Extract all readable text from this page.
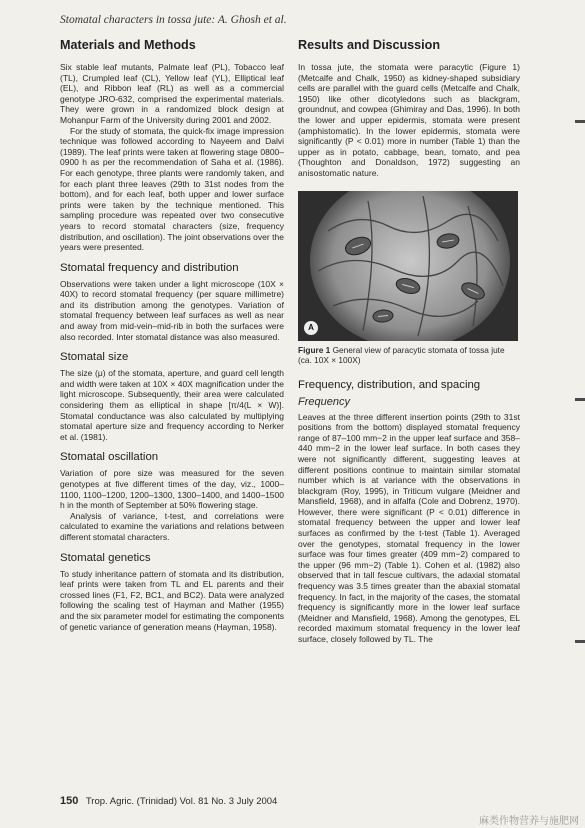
Stomatal characters in tossa jute: A. Ghosh et al.
Materials and Methods

Six stable leaf mutants, Palmate leaf (PL), Tobacco leaf (TL), Crumpled leaf (CL), Yellow leaf (YL), Elliptical leaf (EL), and Ribbon leaf (RL) as well as a commercial genotype JRO-632, comprised the experimental materials. They were grown in a randomized block design at Mohanpur Farm of the University during 2001 and 2002.

For the study of stomata, the quick-fix image impression technique was followed according to Nayeem and Dalvi (1989). The leaf prints were taken at flowering stage 0800–0900 h as per the recommendation of Saha et al. (1986). For each genotype, three plants were randomly taken, and for each plant three leaves (29th to 31st nodes from the bottom), and for each leaf, both upper and lower surface prints were taken by the technique mentioned. This sampling procedure was repeated over two consecutive years to record stomatal characters (size, frequency distribution, and oscillation). The joint observations over the years were presented.

Stomatal frequency and distribution

Observations were taken under a light microscope (10X × 40X) to record stomatal frequency (per square millimetre) and its distribution among the genotypes. Variation of stomatal frequency between leaf surfaces as well as near and away from mid-vein–mid-rib in both the surfaces were also recorded. Inter stomatal distance was also measured.

Stomatal size

The size (μ) of the stomata, aperture, and guard cell length and width were taken at 10X × 40X magnification under the light microscope. Subsequently, their area were calculated considering them as elliptical in shape [π/4(L × W)]. Stomatal conductance was also calculated by multiplying stomatal aperture size and frequency according to Nerker et al. (1981).

Stomatal oscillation

Variation of pore size was measured for the seven genotypes at five different times of the day, viz., 1000–1100, 1100–1200, 1200–1300, 1300–1400, and 1400–1500 h in the month of September at 50% flowering stage.

Analysis of variance, t-test, and correlations were calculated to examine the variations and relations between different stomatal characters.

Stomatal genetics

To study inheritance pattern of stomata and its distribution, leaf prints were taken from TL and EL parents and their crossed lines (F1, F2, BC1, and BC2). Data were analyzed following the scaling test of Hayman and Mather (1955) and the six parameter model for estimating the components of genetic variance of generation means (Hayman, 1958).

Results and Discussion

In tossa jute, the stomata were paracytic (Figure 1) (Metcalfe and Chalk, 1950) as kidney-shaped subsidiary cells are parallel with the guard cells (Metcalfe and Chalk, 1950) like other dicotyledons such as blackgram, groundnut, and cowpea (Ghimiray and Das, 1996). In both the lower and upper epidermis, stomata were present (amphistomatic). In the lower epidermis, stomata were significantly (P < 0.01) more in number (Table 1) than the upper as in potato, cabbage, bean, tomato, and pea (Thoughton and Donaldson, 1972) suggesting an anisostomatic nature.

A
Figure 1 General view of paracytic stomata of tossa jute (ca. 10X × 100X)
Frequency, distribution, and spacing
Frequency

Leaves at the three different insertion points (29th to 31st positions from the bottom) displayed stomatal frequency range of 87–100 mm−2 in the upper leaf surface and 358–440 mm−2 in the lower leaf surface. In both cases they were not significantly different, suggesting leaves at different positions continue to maintain similar stomatal number which is at variance with the observations in blackgram (Roy, 1995), in Triticum vulgare (Meidner and Mansfield, 1968), and in alfalfa (Cole and Dobrenz, 1970). However, there were significant (P < 0.01) difference in stomatal frequency between the upper and lower leaf surfaces as confirmed by the t-test (Table 1). Averaged over the genotypes, stomatal frequency in the lower surface was four times greater (409 mm−2) compared to the upper (96 mm−2) (Table 1). Cohen et al. (1982) also observed that in tall fescue cultivars, the adaxial stomatal frequency was 3.5 times greater than the abaxial stomatal frequency. In fact, in the majority of the cases, the stomatal frequency is significantly more in the lower leaf surface (Meidner and Mansfield, 1968). Among the genotypes, EL recorded maximum stomatal frequency in the lower leaf surface, closely followed by TL. The

150 Trop. Agric. (Trinidad) Vol. 81 No. 3 July 2004
麻类作物营养与施肥网
